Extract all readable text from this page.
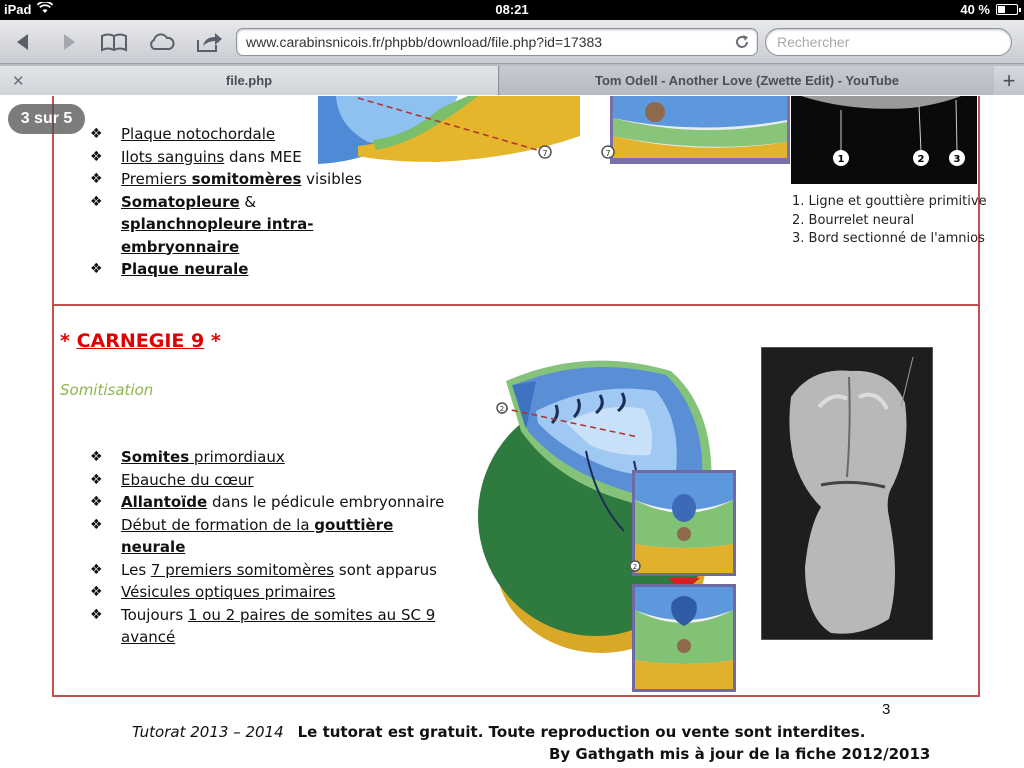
iPad	08:21	40 %
www.carabinsnicois.fr/phpbb/download/file.php?id=17383	Rechercher
✕	file.php	Tom Odell - Another Love (Zwette Edit) - YouTube	+
3 sur 5
7	7
1	2	3
❖ Plaque notochordale
❖ Ilots sanguins dans MEE
❖ Premiers somitomères visibles
❖ Somatopleure & splanchnopleure intra-embryonnaire
❖ Plaque neurale
1. Ligne et gouttière primitive
2. Bourrelet neural
3. Bord sectionné de l'amnios
* CARNEGIE 9 *
Somitisation
❖ Somites primordiaux
❖ Ebauche du cœur
❖ Allantoïde dans le pédicule embryonnaire
❖ Début de formation de la gouttière neurale
❖ Les 7 premiers somitomères sont apparus
❖ Vésicules optiques primaires
❖ Toujours 1 ou 2 paires de somites au SC 9 avancé
2
2
3
Tutorat 2013 – 2014 Le tutorat est gratuit. Toute reproduction ou vente sont interdites.
By Gathgath mis à jour de la fiche 2012/2013
